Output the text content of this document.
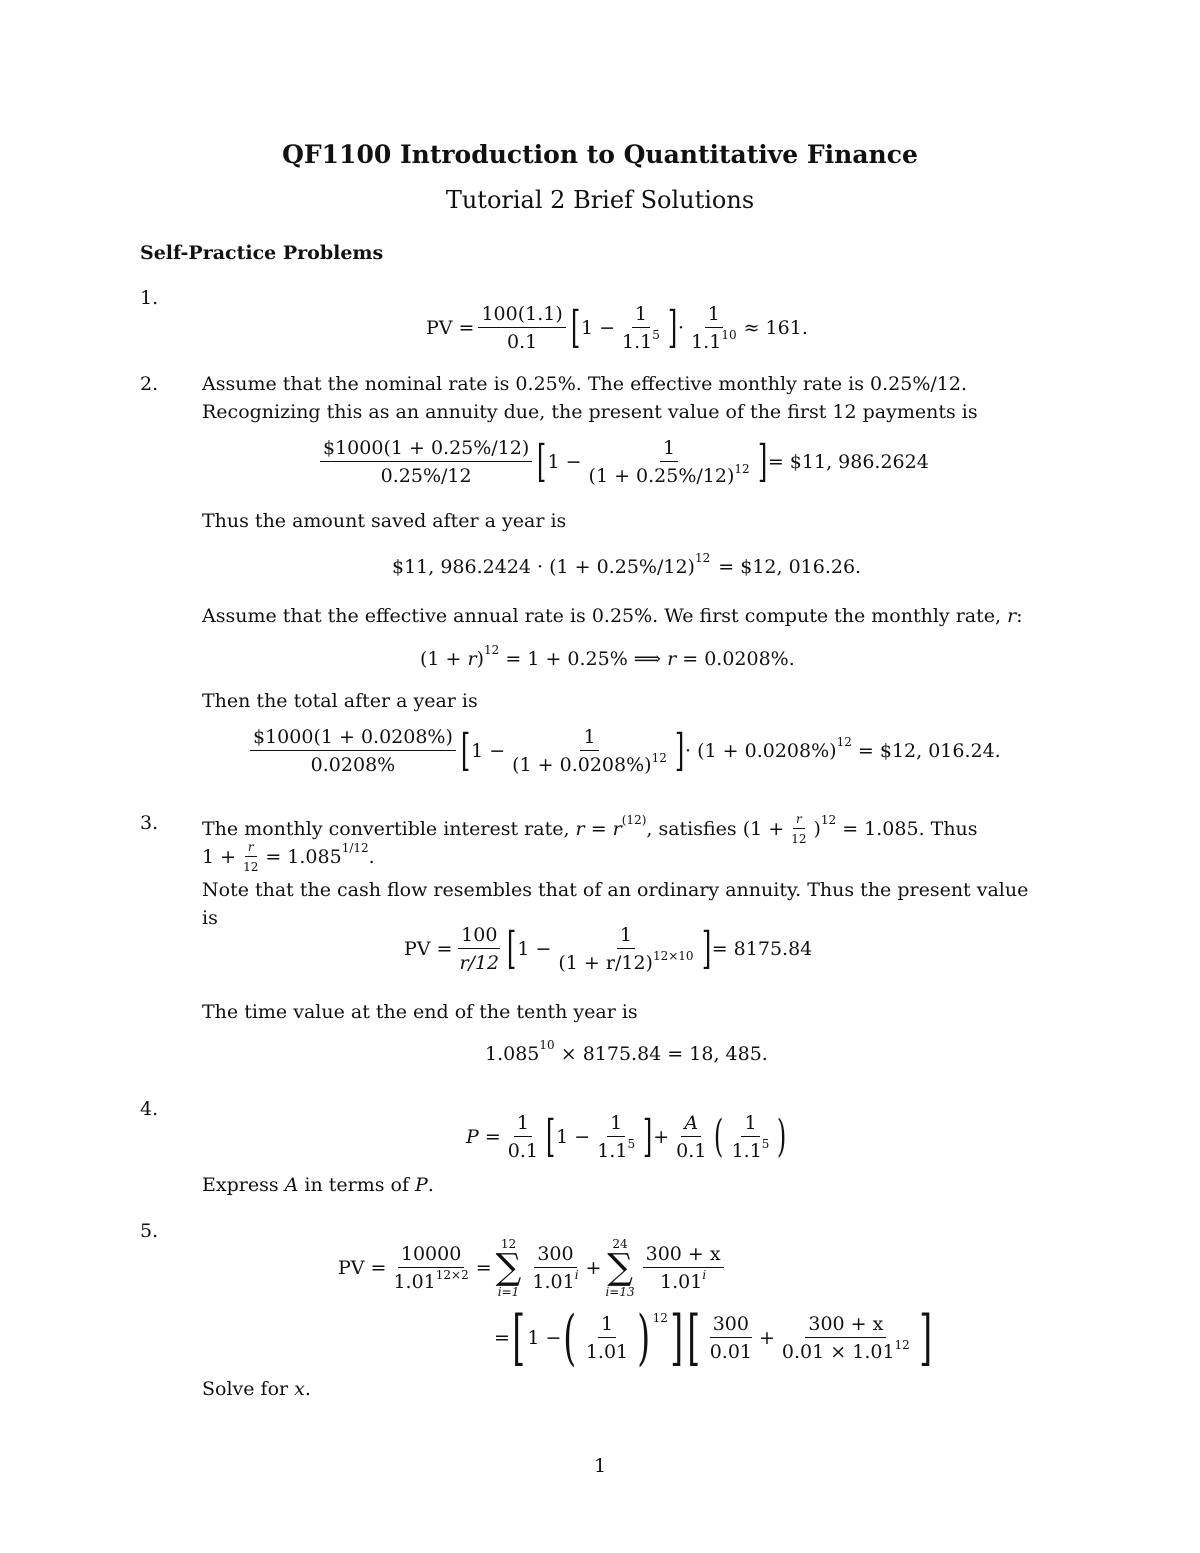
QF1100 Introduction to Quantitative Finance
Tutorial 2 Brief Solutions
Self-Practice Problems
1.
PV = $\frac{100(1.1)}{0.1}$ [ $1 - \frac{1}{1.1^5}$ ] · $\frac{1}{1.1^{10}} \approx 161$.
2. Assume that the nominal rate is 0.25%. The effective monthly rate is 0.25%/12.
Recognizing this as an annuity due, the present value of the first 12 payments is
$\frac{\$1000(1 + 0.25\%/12)}{0.25\%/12}$ [ $1 - \frac{1}{(1 + 0.25\%/12)^{12}}$ ] = $11, 986.2624
Thus the amount saved after a year is
$11, 986.2424 · (1 + 0.25%/12) 12 = $12, 016.26.
Assume that the effective annual rate is 0.25%. We first compute the monthly rate, r:
(1 +
r ) 12
= 1 + 0.25% ⟹
r
= 0.0208%.
Then the total after a year is
$\frac{\$1000(1 + 0.0208\%)}{0.0208\%}$ [ $1 - \frac{1}{(1 + 0.0208\%)^{12}}$ ] · (1 + 0.0208%) 12
= $12, 016.24.
3. The monthly convertible interest rate,
r
=
r (12) , satisfies ($1 + \frac{r}{12}$ ) 12
= 1.085. Thus
$1 + \frac{r}{12} = 1.085$ 1/12 .
Note that the cash flow resembles that of an ordinary annuity. Thus the present value
is
PV = $\frac{100}{r/12}$ [ $1 - \frac{1}{(1 + r/12)^{12\times 10}}$ ] = 8175.84
The time value at the end of the tenth year is
1.085 10
× 8175.84 = 18, 485.
4.
P
= $\frac{1}{0.1}$ [ $1 - \frac{1}{1.1^5}$ ] + $\frac{A}{0.1}$ ( $\frac{1}{1.1^5}$ )
Express A in terms of P.
5.
PV = $\frac{10000}{1.01^{12\times 2}}$ =
12
∑
$i=1 \frac{300}{1.01^i}$ +
24
∑
$i=13 \frac{300 + x}{1.01^i}$
= [ 1 − ( $\frac{1}{1.01}$ ) 12 ] [ $\frac{300}{0.01} + \frac{300 + x}{0.01 \times 1.01^{12}}$ ]
Solve for x.
1
